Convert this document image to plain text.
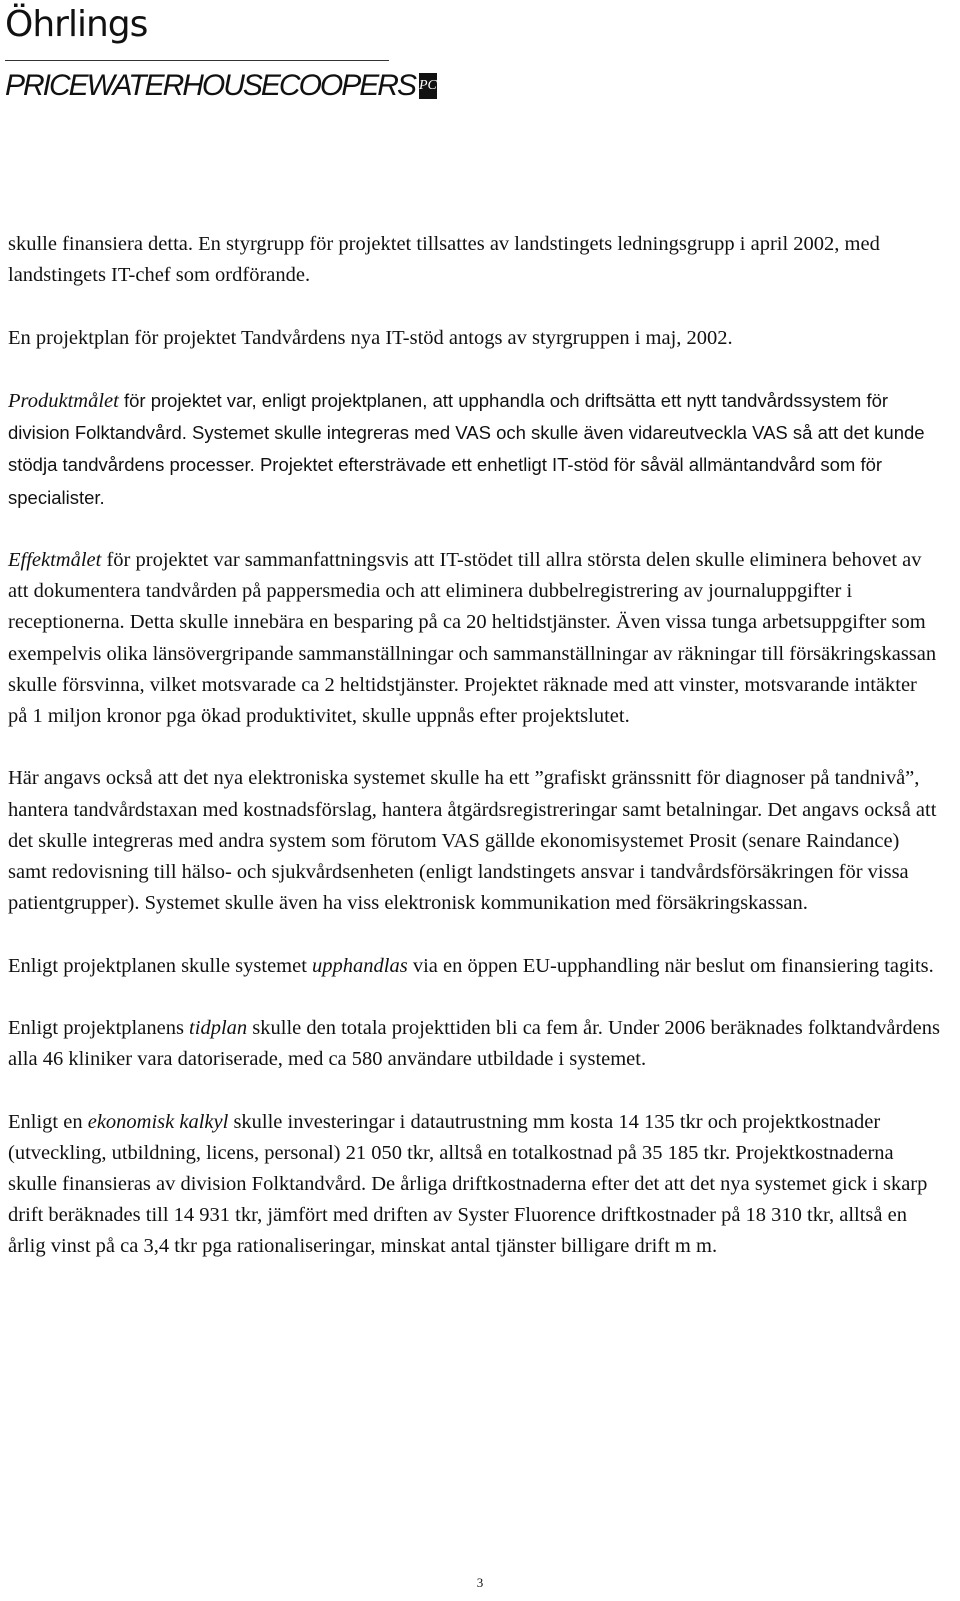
Öhrlings
PRICEWATERHOUSECOOPERS PC

skulle finansiera detta. En styrgrupp för projektet tillsattes av landstingets ledningsgrupp i april 2002, med landstingets IT-chef som ordförande.

En projektplan för projektet Tandvårdens nya IT-stöd antogs av styrgruppen i maj, 2002.

Produktmålet för projektet var, enligt projektplanen, att upphandla och driftsätta ett nytt tandvårdssystem för division Folktandvård. Systemet skulle integreras med VAS och skulle även vidareutveckla VAS så att det kunde stödja tandvårdens processer. Projektet eftersträvade ett enhetligt IT-stöd för såväl allmäntandvård som för specialister.

Effektmålet för projektet var sammanfattningsvis att IT-stödet till allra största delen skulle eliminera behovet av att dokumentera tandvården på pappersmedia och att eliminera dubbelregistrering av journaluppgifter i receptionerna. Detta skulle innebära en besparing på ca 20 heltidstjänster. Även vissa tunga arbetsuppgifter som exempelvis olika länsövergripande sammanställningar och sammanställningar av räkningar till försäkringskassan skulle försvinna, vilket motsvarade ca 2 heltidstjänster. Projektet räknade med att vinster, motsvarande intäkter på 1 miljon kronor pga ökad produktivitet, skulle uppnås efter projektslutet.

Här angavs också att det nya elektroniska systemet skulle ha ett ”grafiskt gränssnitt för diagnoser på tandnivå”, hantera tandvårdstaxan med kostnadsförslag, hantera åtgärdsregistreringar samt betalningar. Det angavs också att det skulle integreras med andra system som förutom VAS gällde ekonomisystemet Prosit (senare Raindance) samt redovisning till hälso- och sjukvårdsenheten (enligt landstingets ansvar i tandvårdsförsäkringen för vissa patientgrupper). Systemet skulle även ha viss elektronisk kommunikation med försäkringskassan.

Enligt projektplanen skulle systemet upphandlas via en öppen EU-upphandling när beslut om finansiering tagits.

Enligt projektplanens tidplan skulle den totala projekttiden bli ca fem år. Under 2006 beräknades folktandvårdens alla 46 kliniker vara datoriserade, med ca 580 användare utbildade i systemet.

Enligt en ekonomisk kalkyl skulle investeringar i datautrustning mm kosta 14 135 tkr och projektkostnader (utveckling, utbildning, licens, personal) 21 050 tkr, alltså en totalkostnad på 35 185 tkr. Projektkostnaderna skulle finansieras av division Folktandvård. De årliga driftkostnaderna efter det att det nya systemet gick i skarp drift beräknades till 14 931 tkr, jämfört med driften av Syster Fluorence driftkostnader på 18 310 tkr, alltså en årlig vinst på ca 3,4 tkr pga rationaliseringar, minskat antal tjänster billigare drift m m.

3
